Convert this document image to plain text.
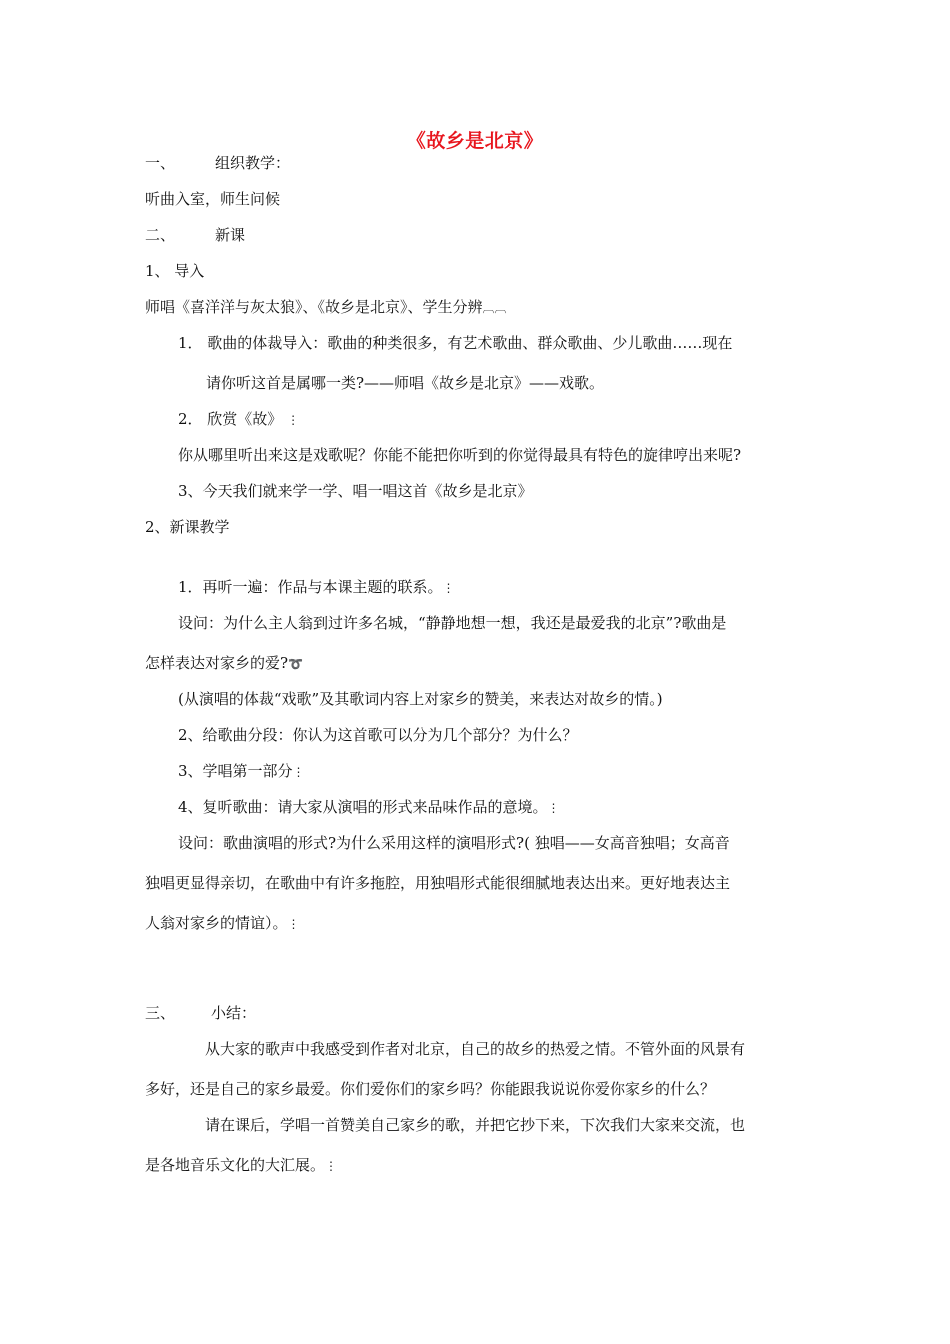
《故乡是北京》
一、	组织教学：
听曲入室，师生问候
二、	新课
1、 导入
师唱《喜洋洋与灰太狼》、《故乡是北京》、学生分辨︹︹
1． 歌曲的体裁导入：歌曲的种类很多，有艺术歌曲、群众歌曲、少儿歌曲……现在
请你听这首是属哪一类?——师唱《故乡是北京》——戏歌。
2． 欣赏《故》 ⋮
你从哪里听出来这是戏歌呢？你能不能把你听到的你觉得最具有特色的旋律哼出来呢?
3、今天我们就来学一学、唱一唱这首《故乡是北京》
2、新课教学
1．再听一遍：作品与本课主题的联系。⋮
设问：为什么主人翁到过许多名城，“静静地想一想，我还是最爱我的北京”?歌曲是
怎样表达对家乡的爱?➰
(从演唱的体裁“戏歌”及其歌词内容上对家乡的赞美，来表达对故乡的情。)
2、给歌曲分段：你认为这首歌可以分为几个部分？为什么？
3、学唱第一部分⋮
4、复听歌曲：请大家从演唱的形式来品味作品的意境。⋮
设问：歌曲演唱的形式?为什么采用这样的演唱形式?( 独唱——女高音独唱；女高音
独唱更显得亲切，在歌曲中有许多拖腔，用独唱形式能很细腻地表达出来。更好地表达主
人翁对家乡的情谊）。⋮
三、 小结：
从大家的歌声中我感受到作者对北京，自己的故乡的热爱之情。不管外面的风景有
多好，还是自己的家乡最爱。你们爱你们的家乡吗？你能跟我说说你爱你家乡的什么？
请在课后，学唱一首赞美自己家乡的歌，并把它抄下来，下次我们大家来交流，也
是各地音乐文化的大汇展。⋮
